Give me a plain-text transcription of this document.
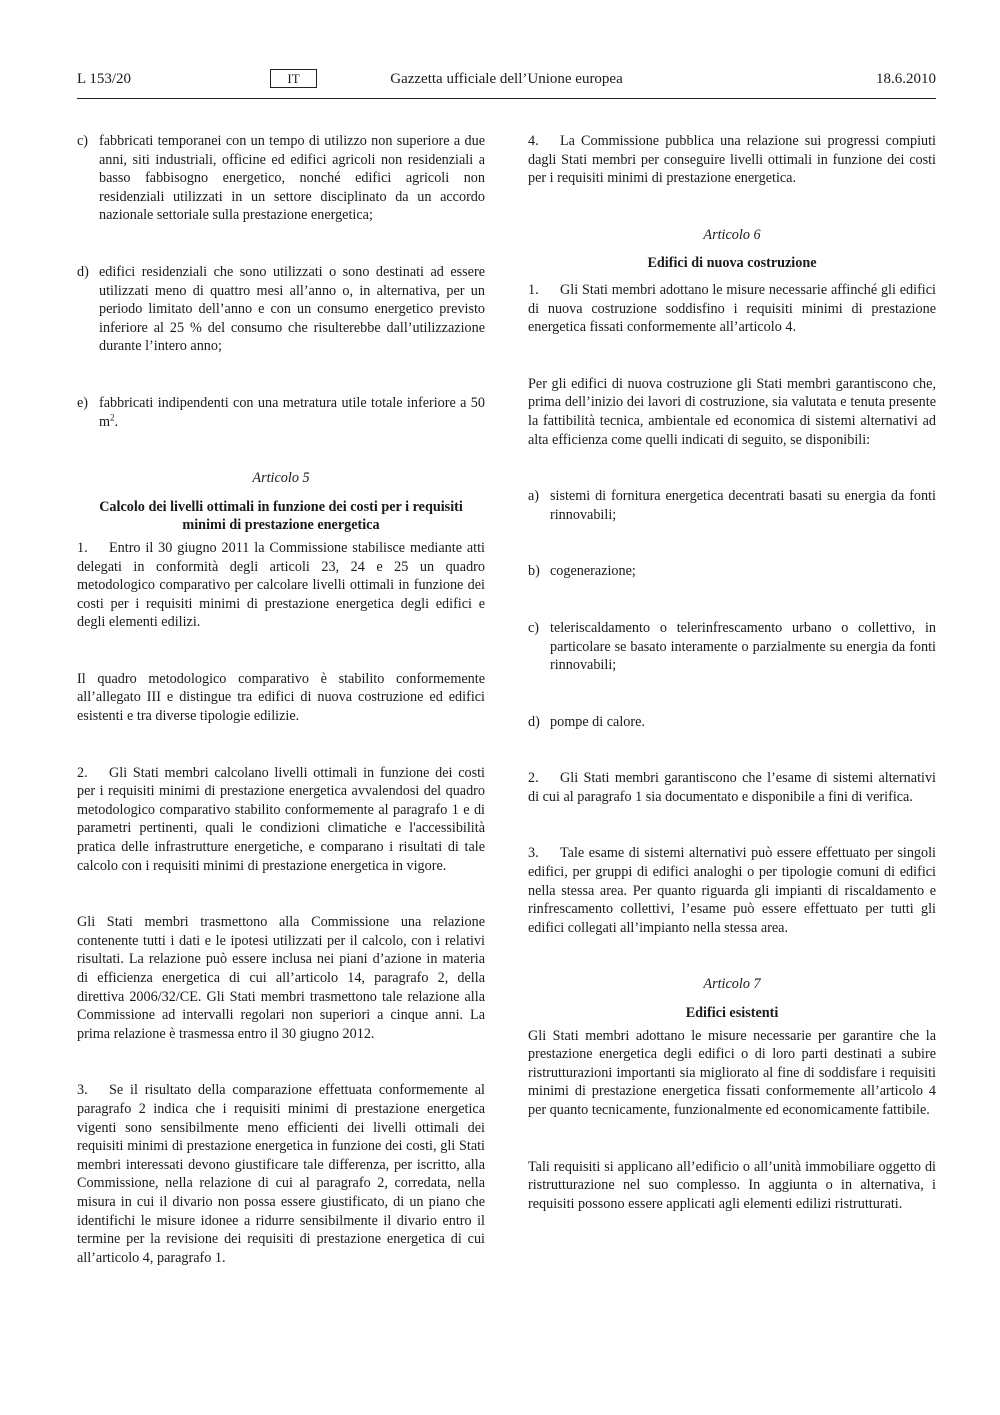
L 153/20	IT	Gazzetta ufficiale dell’Unione europea	18.6.2010
c) fabbricati temporanei con un tempo di utilizzo non superiore a due anni, siti industriali, officine ed edifici agricoli non residenziali a basso fabbisogno energetico, nonché edifici agricoli non residenziali utilizzati in un settore disciplinato da un accordo nazionale settoriale sulla prestazione energetica;
d) edifici residenziali che sono utilizzati o sono destinati ad essere utilizzati meno di quattro mesi all’anno o, in alternativa, per un periodo limitato dell’anno e con un consumo energetico previsto inferiore al 25 % del consumo che risulterebbe dall’utilizzazione durante l’intero anno;
e) fabbricati indipendenti con una metratura utile totale inferiore a 50 $m^2$.

Articolo 5

Calcolo dei livelli ottimali in funzione dei costi per i requisiti minimi di prestazione energetica

1. Entro il 30 giugno 2011 la Commissione stabilisce mediante atti delegati in conformità degli articoli 23, 24 e 25 un quadro metodologico comparativo per calcolare livelli ottimali in funzione dei costi per i requisiti minimi di prestazione energetica degli edifici e degli elementi edilizi.

Il quadro metodologico comparativo è stabilito conformemente all’allegato III e distingue tra edifici di nuova costruzione ed edifici esistenti e tra diverse tipologie edilizie.

2. Gli Stati membri calcolano livelli ottimali in funzione dei costi per i requisiti minimi di prestazione energetica avvalendosi del quadro metodologico comparativo stabilito conformemente al paragrafo 1 e di parametri pertinenti, quali le condizioni climatiche e l'accessibilità pratica delle infrastrutture energetiche, e comparano i risultati di tale calcolo con i requisiti minimi di prestazione energetica in vigore.

Gli Stati membri trasmettono alla Commissione una relazione contenente tutti i dati e le ipotesi utilizzati per il calcolo, con i relativi risultati. La relazione può essere inclusa nei piani d’azione in materia di efficienza energetica di cui all’articolo 14, paragrafo 2, della direttiva 2006/32/CE. Gli Stati membri trasmettono tale relazione alla Commissione ad intervalli regolari non superiori a cinque anni. La prima relazione è trasmessa entro il 30 giugno 2012.

3. Se il risultato della comparazione effettuata conformemente al paragrafo 2 indica che i requisiti minimi di prestazione energetica vigenti sono sensibilmente meno efficienti dei livelli ottimali dei requisiti minimi di prestazione energetica in funzione dei costi, gli Stati membri interessati devono giustificare tale differenza, per iscritto, alla Commissione, nella relazione di cui al paragrafo 2, corredata, nella misura in cui il divario non possa essere giustificato, di un piano che identifichi le misure idonee a ridurre sensibilmente il divario entro il termine per la revisione dei requisiti di prestazione energetica di cui all’articolo 4, paragrafo 1.

4. La Commissione pubblica una relazione sui progressi compiuti dagli Stati membri per conseguire livelli ottimali in funzione dei costi per i requisiti minimi di prestazione energetica.

Articolo 6

Edifici di nuova costruzione

1. Gli Stati membri adottano le misure necessarie affinché gli edifici di nuova costruzione soddisfino i requisiti minimi di prestazione energetica fissati conformemente all’articolo 4.

Per gli edifici di nuova costruzione gli Stati membri garantiscono che, prima dell’inizio dei lavori di costruzione, sia valutata e tenuta presente la fattibilità tecnica, ambientale ed economica di sistemi alternativi ad alta efficienza come quelli indicati di seguito, se disponibili:

a) sistemi di fornitura energetica decentrati basati su energia da fonti rinnovabili;
b) cogenerazione;
c) teleriscaldamento o telerinfrescamento urbano o collettivo, in particolare se basato interamente o parzialmente su energia da fonti rinnovabili;
d) pompe di calore.

2. Gli Stati membri garantiscono che l’esame di sistemi alternativi di cui al paragrafo 1 sia documentato e disponibile a fini di verifica.

3. Tale esame di sistemi alternativi può essere effettuato per singoli edifici, per gruppi di edifici analoghi o per tipologie comuni di edifici nella stessa area. Per quanto riguarda gli impianti di riscaldamento e rinfrescamento collettivi, l’esame può essere effettuato per tutti gli edifici collegati all’impianto nella stessa area.

Articolo 7

Edifici esistenti

Gli Stati membri adottano le misure necessarie per garantire che la prestazione energetica degli edifici o di loro parti destinati a subire ristrutturazioni importanti sia migliorato al fine di soddisfare i requisiti minimi di prestazione energetica fissati conformemente all’articolo 4 per quanto tecnicamente, funzionalmente ed economicamente fattibile.

Tali requisiti si applicano all’edificio o all’unità immobiliare oggetto di ristrutturazione nel suo complesso. In aggiunta o in alternativa, i requisiti possono essere applicati agli elementi edilizi ristrutturati.
